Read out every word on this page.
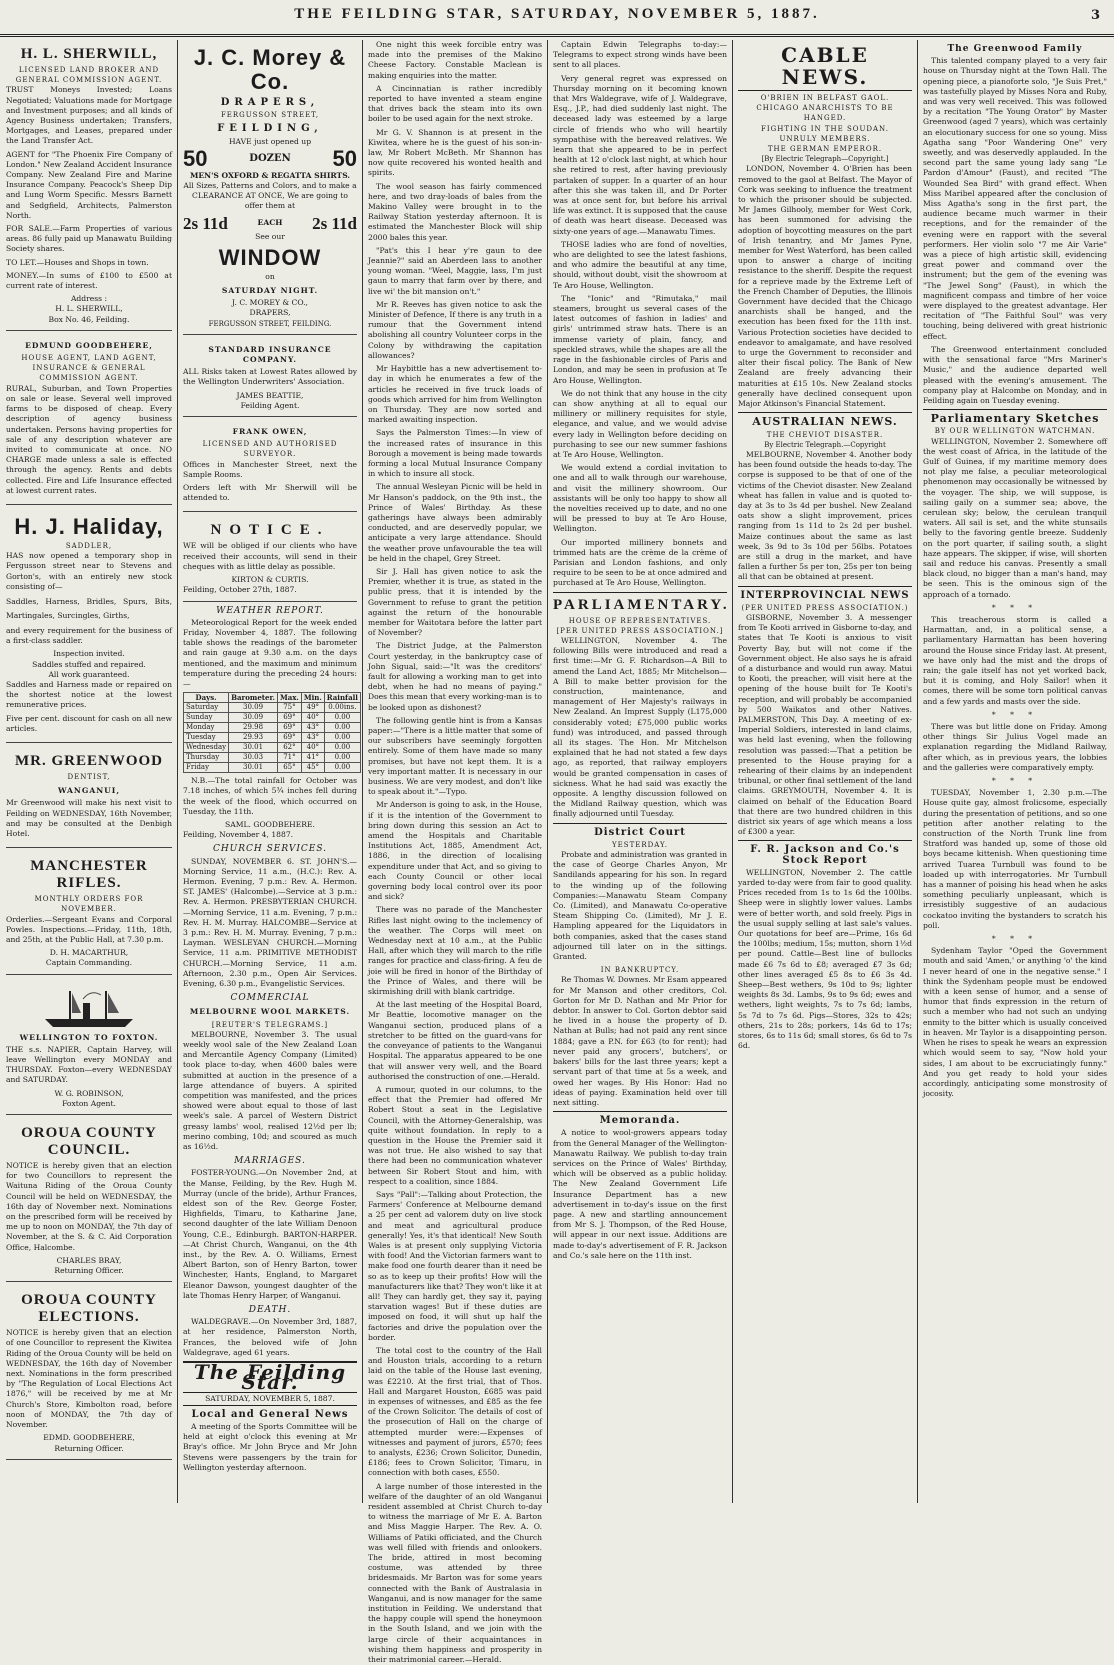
THE FEILDING STAR, SATURDAY, NOVEMBER 5, 1887.	3
H. L. SHERWILL,
LICENSED LAND BROKER AND
GENERAL COMMISSION AGENT.

TRUST Moneys Invested; Loans Negotiated; Valuations made for Mortgage and Investment purposes; and all kinds of Agency Business undertaken; Transfers, Mortgages, and Leases, prepared under the Land Transfer Act.

AGENT for "The Phoenix Fire Company of London." New Zealand Accident Insurance Company. New Zealand Fire and Marine Insurance Company. Peacock's Sheep Dip and Lung Worm Specific. Messrs Barnett and Sedgfield, Architects, Palmerston North.

FOR SALE.—Farm Properties of various areas. 86 fully paid up Manawatu Building Society shares.

TO LET.—Houses and Shops in town.

MONEY.—In sums of £100 to £500 at current rate of interest.

Address :
H. L. SHERWILL,
Box No. 46, Feilding.
EDMUND GOODBEHERE,
HOUSE AGENT, LAND AGENT, INSURANCE & GENERAL COMMISSION AGENT.

RURAL, Suburban, and Town Properties on sale or lease. Several well improved farms to be disposed of cheap. Every description of agency business undertaken. Persons having properties for sale of any description whatever are invited to communicate at once. NO CHARGE made unless a sale is effected through the agency. Rents and debts collected. Fire and Life Insurance effected at lowest current rates.

H. J. Haliday,
SADDLER,

HAS now opened a temporary shop in Fergusson street near to Stevens and Gorton's, with an entirely new stock consisting of—

Saddles, Harness, Bridles, Spurs, Bits, Martingales, Surcingles, Girths,

and every requirement for the business of a first-class saddler.

Inspection invited.
Saddles stuffed and repaired.
All work guaranteed.

Saddles and Harness made or repaired on the shortest notice at the lowest remunerative prices.

Five per cent. discount for cash on all new articles.

MR. GREENWOOD
DENTIST,
WANGANUI,

Mr Greenwood will make his next visit to Feilding on WEDNESDAY, 16th November, and may be consulted at the Denbigh Hotel.

MANCHESTER RIFLES.
MONTHLY ORDERS FOR NOVEMBER.

Orderlies.—Sergeant Evans and Corporal Powles. Inspections.—Friday, 11th, 18th, and 25th, at the Public Hall, at 7.30 p.m.

D. H. MACARTHUR,
Captain Commanding.
WELLINGTON TO FOXTON.

THE s.s. NAPIER, Captain Harvey, will leave Wellington every MONDAY and THURSDAY. Foxton—every WEDNESDAY and SATURDAY.

W. G. ROBINSON,
Foxton Agent.
OROUA COUNTY COUNCIL.

NOTICE is hereby given that an election for two Councillors to represent the Waituna Riding of the Oroua County Council will be held on WEDNESDAY, the 16th day of November next. Nominations on the prescribed form will be received by me up to noon on MONDAY, the 7th day of November, at the S. & C. Aid Corporation Office, Halcombe.

CHARLES BRAY,
Returning Officer.
OROUA COUNTY ELECTIONS.

NOTICE is hereby given that an election of one Councillor to represent the Kiwitea Riding of the Oroua County will be held on WEDNESDAY, the 16th day of November next. Nominations in the form prescribed by "The Regulation of Local Elections Act 1876," will be received by me at Mr Church's Store, Kimbolton road, before noon of MONDAY, the 7th day of November.

EDMD. GOODBEHERE,
Returning Officer.
J. C. Morey & Co.
DRAPERS,
FERGUSSON STREET,
FEILDING,
HAVE just opened up
50	DOZEN 50
MEN'S OXFORD & REGATTA SHIRTS.

All Sizes, Patterns and Colors, and to make a CLEARANCE AT ONCE, We are going to offer them at

2s 11d	EACH 2s 11d
See our
WINDOW
on
SATURDAY NIGHT.
J. C. MOREY & CO.,
DRAPERS,
FERGUSSON STREET, FEILDING.
STANDARD INSURANCE COMPANY.

ALL Risks taken at Lowest Rates allowed by the Wellington Underwriters' Association.

JAMES BEATTIE,
Feilding Agent.
FRANK OWEN,
LICENSED AND AUTHORISED SURVEYOR.

Offices in Manchester Street, next the Sample Rooms.

Orders left with Mr Sherwill will be attended to.

NOTICE.

WE will be obliged if our clients who have received their accounts, will send in their cheques with as little delay as possible.

KIRTON & CURTIS.
Feilding, October 27th, 1887.
WEATHER REPORT.

Meteorological Report for the week ended Friday, November 4, 1887. The following table shows the readings of the barometer and rain gauge at 9.30 a.m. on the days mentioned, and the maximum and minimum temperature during the preceding 24 hours:—

Days.	Barometer.	Max.	Min.	Rainfall
Saturday	30.09	75°	49°	0.00ins.
Sunday	30.09	69°	40°	0.00
Monday	29.98	69°	43°	0.00
Tuesday	29.93	69°	43°	0.00
Wednesday	30.01	62°	40°	0.00
Thursday	30.03	71°	41°	0.00
Friday	30.01	65°	45°	0.00

N.B.—The total rainfall for October was 7.18 inches, of which 5¾ inches fell during the week of the flood, which occurred on Tuesday, the 11th.

SAML. GOODBEHERE.
Feilding, November 4, 1887.
CHURCH SERVICES.

SUNDAY, NOVEMBER 6. ST. JOHN'S.—Morning Service, 11 a.m., (H.C.): Rev. A. Hermon. Evening, 7 p.m.: Rev. A. Hermon. ST. JAMES' (Halcombe).—Service at 3 p.m.: Rev. A. Hermon. PRESBYTERIAN CHURCH.—Morning Service, 11 a.m. Evening, 7 p.m.: Rev. H. M. Murray. HALCOMBE—Service at 3 p.m.: Rev. H. M. Murray. Evening, 7 p.m.: Layman. WESLEYAN CHURCH.—Morning Service, 11 a.m. PRIMITIVE METHODIST CHURCH.—Morning Service, 11 a.m. Afternoon, 2.30 p.m., Open Air Services. Evening, 6.30 p.m., Evangelistic Services.

COMMERCIAL
MELBOURNE WOOL MARKETS.
[REUTER'S TELEGRAMS.]

MELBOURNE, November 3. The usual weekly wool sale of the New Zealand Loan and Mercantile Agency Company (Limited) took place to-day, when 4600 bales were submitted at auction in the presence of a large attendance of buyers. A spirited competition was manifested, and the prices showed were about equal to those of last week's sale. A parcel of Western District greasy lambs' wool, realised 12½d per lb; merino combing, 10d; and scoured as much as 16½d.

MARRIAGES.

FOSTER-YOUNG.—On November 2nd, at the Manse, Feilding, by the Rev. Hugh M. Murray (uncle of the bride), Arthur Frances, eldest son of the Rev. George Foster, Highfields, Timaru, to Katharine Jane, second daughter of the late William Denoon Young, C.E., Edinburgh. BARTON-HARPER.—At Christ Church, Wanganui, on the 4th inst., by the Rev. A. O. Williams, Ernest Albert Barton, son of Henry Barton, tower Winchester, Hants, England, to Margaret Eleanor Dawson, youngest daughter of the late Thomas Henry Harper, of Wanganui.

DEATH.

WALDEGRAVE.—On November 3rd, 1887, at her residence, Palmerston North, Frances, the beloved wife of John Waldegrave, aged 61 years.

The Feilding Star.
SATURDAY, NOVEMBER 5, 1887.
Local and General News

A meeting of the Sports Committee will be held at eight o'clock this evening at Mr Bray's office. Mr John Bryce and Mr John Stevens were passengers by the train for Wellington yesterday afternoon.

One night this week forcible entry was made into the premises of the Makino Cheese Factory. Constable Maclean is making enquiries into the matter.

A Cincinnatian is rather incredibly reported to have invented a steam engine that drives back the steam into its own boiler to be used again for the next stroke.

Mr G. V. Shannon is at present in the Kiwitea, where he is the guest of his son-in-law, Mr Robert McBeth. Mr Shannon has now quite recovered his wonted health and spirits.

The wool season has fairly commenced here, and two dray-loads of bales from the Makino Valley were brought in to the Railway Station yesterday afternoon. It is estimated the Manchester Block will ship 2000 bales this year.

"Pat's this I hear y're gaun to dee Jeannie?" said an Aberdeen lass to another young woman. "Weel, Maggie, lass, I'm just gaun to marry that farm over by there, and live wi' the bit mansion on't."

Mr R. Reeves has given notice to ask the Minister of Defence, If there is any truth in a rumour that the Government intend abolishing all country Volunteer corps in the Colony by withdrawing the capitation allowances?

Mr Haybittle has a new advertisement to-day in which he enumerates a few of the articles he received in five truck loads of goods which arrived for him from Wellington on Thursday. They are now sorted and marked awaiting inspection.

Says the Palmerston Times:—In view of the increased rates of insurance in this Borough a movement is being made towards forming a local Mutual Insurance Company in which to insure all stock.

The annual Wesleyan Picnic will be held in Mr Hanson's paddock, on the 9th inst., the Prince of Wales' Birthday. As these gatherings have always been admirably conducted, and are deservedly popular, we anticipate a very large attendance. Should the weather prove unfavourable the tea will be held in the chapel, Grey Street.

Sir J. Hall has given notice to ask the Premier, whether it is true, as stated in the public press, that it is intended by the Government to refuse to grant the petition against the return of the honourable member for Waitotara before the latter part of November?

The District Judge, at the Palmerston Court yesterday, in the bankruptcy case of John Sigual, said:—"It was the creditors' fault for allowing a working man to get into debt, when he had no means of paying." Does this mean that every working-man is to be looked upon as dishonest?

The following gentle hint is from a Kansas paper:—"There is a little matter that some of our subscribers have seemingly forgotten entirely. Some of them have made so many promises, but have not kept them. It is a very important matter. It is necessary in our business. We are very modest, and don't like to speak about it."—Typo.

Mr Anderson is going to ask, in the House, if it is the intention of the Government to bring down during this session an Act to amend the Hospitals and Charitable Institutions Act, 1885, Amendment Act, 1886, in the direction of localising expenditure under that Act, and so giving to each County Council or other local governing body local control over its poor and sick?

There was no parade of the Manchester Rifles last night owing to the inclemency of the weather. The Corps will meet on Wednesday next at 10 a.m., at the Public Hall, after which they will march to the rifle ranges for practice and class-firing. A feu de joie will be fired in honor of the Birthday of the Prince of Wales, and there will be skirmishing drill with blank cartridge.

At the last meeting of the Hospital Board, Mr Beattie, locomotive manager on the Wanganui section, produced plans of a stretcher to be fitted on the guard-vans for the conveyance of patients to the Wanganui Hospital. The apparatus appeared to be one that will answer very well, and the Board authorised the construction of one.—Herald.

A rumour, quoted in our columns, to the effect that the Premier had offered Mr Robert Stout a seat in the Legislative Council, with the Attorney-Generalship, was quite without foundation. In reply to a question in the House the Premier said it was not true. He also wished to say that there had been no communication whatever between Sir Robert Stout and him, with respect to a coalition, since 1884.

Says "Pall":—Talking about Protection, the Farmers' Conference at Melbourne demand a 25 per cent ad valorem duty on live stock and meat and agricultural produce generally! Yes, it's that identical! New South Wales is at present only supplying Victoria with food! And the Victorian farmers want to make food one fourth dearer than it need be so as to keep up their profits! How will the manufacturers like that? They won't like it at all! They can hardly get, they say it, paying starvation wages! But if these duties are imposed on food, it will shut up half the factories and drive the population over the border.

The total cost to the country of the Hall and Houston trials, according to a return laid on the table of the House last evening, was £2210. At the first trial, that of Thos. Hall and Margaret Houston, £685 was paid in expenses of witnesses, and £85 as the fee of the Crown Solicitor. The details of cost of the prosecution of Hall on the charge of attempted murder were:—Expenses of witnesses and payment of jurors, £570; fees to analysts, £236; Crown Solicitor, Dunedin, £186; fees to Crown Solicitor, Timaru, in connection with both cases, £550.

A large number of those interested in the welfare of the daughter of an old Wanganui resident assembled at Christ Church to-day to witness the marriage of Mr E. A. Barton and Miss Maggie Harper. The Rev. A. O. Williams of Patiki officiated, and the Church was well filled with friends and onlookers. The bride, attired in most becoming costume, was attended by three bridesmaids. Mr Barton was for some years connected with the Bank of Australasia in Wanganui, and is now manager for the same institution in Feilding. We understand that the happy couple will spend the honeymoon in the South Island, and we join with the large circle of their acquaintances in wishing them happiness and prosperity in their matrimonial career.—Herald.

Captain Edwin Telegraphs to-day:—Telegrams to expect strong winds have been sent to all places.

Very general regret was expressed on Thursday morning on it becoming known that Mrs Waldegrave, wife of J. Waldegrave, Esq., J.P., had died suddenly last night. The deceased lady was esteemed by a large circle of friends who who will heartily sympathise with the bereaved relatives. We learn that she appeared to be in perfect health at 12 o'clock last night, at which hour she retired to rest, after having previously partaken of supper. In a quarter of an hour after this she was taken ill, and Dr Porter was at once sent for, but before his arrival life was extinct. It is supposed that the cause of death was heart disease. Deceased was sixty-one years of age.—Manawatu Times.

THOSE ladies who are fond of novelties, who are delighted to see the latest fashions, and who admire the beautiful at any time, should, without doubt, visit the showroom at Te Aro House, Wellington.

The "Ionic" and "Rimutaka," mail steamers, brought us several cases of the latest outcomes of fashion in ladies' and girls' untrimmed straw hats. There is an immense variety of plain, fancy, and speckled straws, while the shapes are all the rage in the fashionable circles of Paris and London, and may be seen in profusion at Te Aro House, Wellington.

We do not think that any house in the city can show anything at all to equal our millinery or millinery requisites for style, elegance, and value, and we would advise every lady in Wellington before deciding on purchasing to see our new summer fashions at Te Aro House, Wellington.

We would extend a cordial invitation to one and all to walk through our warehouse, and visit the millinery showroom. Our assistants will be only too happy to show all the novelties received up to date, and no one will be pressed to buy at Te Aro House, Wellington.

Our imported millinery bonnets and trimmed hats are the crème de la crème of Parisian and London fashions, and only require to be seen to be at once admired and purchased at Te Aro House, Wellington.

PARLIAMENTARY.
HOUSE OF REPRESENTATIVES.
[PER UNITED PRESS ASSOCIATION.]

WELLINGTON, November 4. The following Bills were introduced and read a first time:—Mr G. F. Richardson—A Bill to amend the Land Act, 1885; Mr Mitchelson—A Bill to make better provision for the construction, maintenance, and management of Her Majesty's railways in New Zealand. An Imprest Supply (L175,000 considerably voted; £75,000 public works fund) was introduced, and passed through all its stages. The Hon. Mr Mitchelson explained that he had not stated a few days ago, as reported, that railway employers would be granted compensation in cases of sickness. What he had said was exactly the opposite. A lengthy discussion followed on the Midland Railway question, which was finally adjourned until Tuesday.

District Court
YESTERDAY.

Probate and administration was granted in the case of George Charles Anyon, Mr Sandilands appearing for his son. In regard to the winding up of the following Companies:—Manawatu Steam Company Co. (Limited), and Manawatu Co-operative Steam Shipping Co. (Limited), Mr J. E. Hampling appeared for the Liquidators in both companies, asked that the cases stand adjourned till later on in the sittings. Granted.

IN BANKRUPTCY.

Re Thomas W. Downes. Mr Esam appeared for Mr Manson and other creditors, Col. Gorton for Mr D. Nathan and Mr Prior for debtor. In answer to Col. Gorton debtor said he lived in a house the property of D. Nathan at Bulls; had not paid any rent since 1884; gave a P.N. for £63 (to for rent); had never paid any grocers', butchers', or bakers' bills for the last three years; kept a servant part of that time at 5s a week, and owed her wages. By His Honor: Had no ideas of paying. Examination held over till next sitting.

Memoranda.

A notice to wool-growers appears today from the General Manager of the Wellington-Manawatu Railway. We publish to-day train services on the Prince of Wales' Birthday, which will be observed as a public holiday. The New Zealand Government Life Insurance Department has a new advertisement in to-day's issue on the first page. A new and startling announcement from Mr S. J. Thompson, of the Red House, will appear in our next issue. Additions are made to-day's advertisement of F. R. Jackson and Co.'s sale here on the 11th inst.

CABLE NEWS.
O'BRIEN IN BELFAST GAOL.
CHICAGO ANARCHISTS TO BE HANGED.
FIGHTING IN THE SOUDAN.
UNRULY MEMBERS.
THE GERMAN EMPEROR.
[By Electric Telegraph—Copyright.]

LONDON, November 4. O'Brien has been removed to the gaol at Belfast. The Mayor of Cork was seeking to influence the treatment to which the prisoner should be subjected. Mr James Gilhooly, member for West Cork, has been summoned for advising the adoption of boycotting measures on the part of Irish tenantry, and Mr James Pyne, member for West Waterford, has been called upon to answer a charge of inciting resistance to the sheriff. Despite the request for a reprieve made by the Extreme Left of the French Chamber of Deputies, the Illinois Government have decided that the Chicago anarchists shall be hanged, and the execution has been fixed for the 11th inst. Various Protection societies have decided to endeavor to amalgamate, and have resolved to urge the Government to reconsider and alter their fiscal policy. The Bank of New Zealand are freely advancing their maturities at £15 10s. New Zealand stocks generally have declined consequent upon Major Atkinson's Financial Statement.

AUSTRALIAN NEWS.
THE CHEVIOT DISASTER.
By Electric Telegraph.—Copyright

MELBOURNE, November 4. Another body has been found outside the heads to-day. The corpse is supposed to be that of one of the victims of the Cheviot disaster. New Zealand wheat has fallen in value and is quoted to-day at 3s to 3s 4d per bushel. New Zealand oats show a slight improvement, prices ranging from 1s 11d to 2s 2d per bushel. Maize continues about the same as last week, 3s 9d to 3s 10d per 56lbs. Potatoes are still a drug in the market, and have fallen a further 5s per ton, 25s per ton being all that can be obtained at present.

INTERPROVINCIAL NEWS
(PER UNITED PRESS ASSOCIATION.)

GISBORNE, November 3. A messenger from Te Kooti arrived in Gisborne to-day, and states that Te Kooti is anxious to visit Poverty Bay, but will not come if the Government object. He also says he is afraid of a disturbance and would run away. Matui to Kooti, the preacher, will visit here at the opening of the house built for Te Kooti's reception, and will probably be accompanied by 500 Waikatos and other Natives. PALMERSTON, This Day. A meeting of ex-Imperial Soldiers, interested in land claims, was held last evening, when the following resolution was passed:—That a petition be presented to the House praying for a rehearing of their claims by an independent tribunal, or other final settlement of the land claims. GREYMOUTH, November 4. It is claimed on behalf of the Education Board that there are two hundred children in this district six years of age which means a loss of £300 a year.

F. R. Jackson and Co.'s Stock Report

WELLINGTON, November 2. The cattle yarded to-day were from fair to good quality. Prices receded from 1s to 1s 6d the 100lbs. Sheep were in slightly lower values. Lambs were of better worth, and sold freely. Pigs in the usual supply selling at last sale's values. Our quotations for beef are—Prime, 16s 6d the 100lbs; medium, 15s; mutton, shorn 1½d per pound. Cattle—Best line of bullocks made £6 7s 6d to £8; averaged £7 3s 6d; other lines averaged £5 8s to £6 3s 4d. Sheep—Best wethers, 9s 10d to 9s; lighter weights 8s 3d. Lambs, 9s to 9s 6d; ewes and wethers, light weights, 7s to 7s 6d; lambs, 5s 7d to 7s 6d. Pigs—Stores, 32s to 42s; others, 21s to 28s; porkers, 14s 6d to 17s; stores, 6s to 11s 6d; small stores, 6s 6d to 7s 6d.

The Greenwood Family

This talented company played to a very fair house on Thursday night at the Town Hall. The opening piece, a pianoforte solo, "Je Suis Pret," was tastefully played by Misses Nora and Ruby, and was very well received. This was followed by a recitation "The Young Orator" by Master Greenwood (aged 7 years), which was certainly an elocutionary success for one so young. Miss Agatha sang "Poor Wandering One" very sweetly, and was deservedly applauded. In the second part the same young lady sang "Le Pardon d'Amour" (Faust), and recited "The Wounded Sea Bird" with grand effect. When Miss Maribel appeared after the conclusion of Miss Agatha's song in the first part, the audience became much warmer in their receptions, and for the remainder of the evening were en rapport with the several performers. Her violin solo "7 me Air Varie" was a piece of high artistic skill, evidencing great power and command over the instrument; but the gem of the evening was "The Jewel Song" (Faust), in which the magnificent compass and timbre of her voice were displayed to the greatest advantage. Her recitation of "The Faithful Soul" was very touching, being delivered with great histrionic effect.

The Greenwood entertainment concluded with the sensational farce "Mrs Mariner's Music," and the audience departed well pleased with the evening's amusement. The company play at Halcombe on Monday, and in Feilding again on Tuesday evening.

Parliamentary Sketches
BY OUR WELLINGTON WATCHMAN.

WELLINGTON, November 2. Somewhere off the west coast of Africa, in the latitude of the Gulf of Guinea, if my maritime memory does not play me false, a peculiar meteorological phenomenon may occasionally be witnessed by the voyager. The ship, we will suppose, is sailing gaily on a summer sea; above, the cerulean sky; below, the cerulean tranquil waters. All sail is set, and the white stunsails belly to the favoring gentle breeze. Suddenly on the port quarter, if sailing south, a slight haze appears. The skipper, if wise, will shorten sail and reduce his canvas. Presently a small black cloud, no bigger than a man's hand, may be seen. This is the ominous sign of the approach of a tornado.

* * *

This treacherous storm is called a Harmattan, and, in a political sense, a parliamentary Harmattan has been hovering around the House since Friday last. At present, we have only had the mist and the drops of rain; the gale itself has not yet worked back, but it is coming, and Holy Sailor! when it comes, there will be some torn political canvas and a few yards and masts over the side.

* * *

There was but little done on Friday. Among other things Sir Julius Vogel made an explanation regarding the Midland Railway, after which, as in previous years, the lobbies and the galleries were comparatively empty.

* * *

TUESDAY, November 1, 2.30 p.m.—The House quite gay, almost frolicsome, especially during the presentation of petitions, and so one petition after another relating to the construction of the North Trunk line from Stratford was handed up, some of those old boys became kittenish. When questioning time arrived Tuarea Turnbull was found to be loaded up with interrogatories. Mr Turnbull has a manner of poising his head when he asks something peculiarly unpleasant, which is irresistibly suggestive of an audacious cockatoo inviting the bystanders to scratch his poll.

* * *

Sydenham Taylor "Oped the Government mouth and said 'Amen,' or anything 'o' the kind I never heard of one in the negative sense." I think the Sydenham people must be endowed with a keen sense of humor, and a sense of humor that finds expression in the return of such a member who had not such an undying enmity to the bitter which is usually conceived in heaven. Mr Taylor is a disappointing person. When he rises to speak he wears an expression which would seem to say, "Now hold your sides, I am about to be excruciatingly funny." And you get ready to hold your sides accordingly, anticipating some monstrosity of jocosity.
